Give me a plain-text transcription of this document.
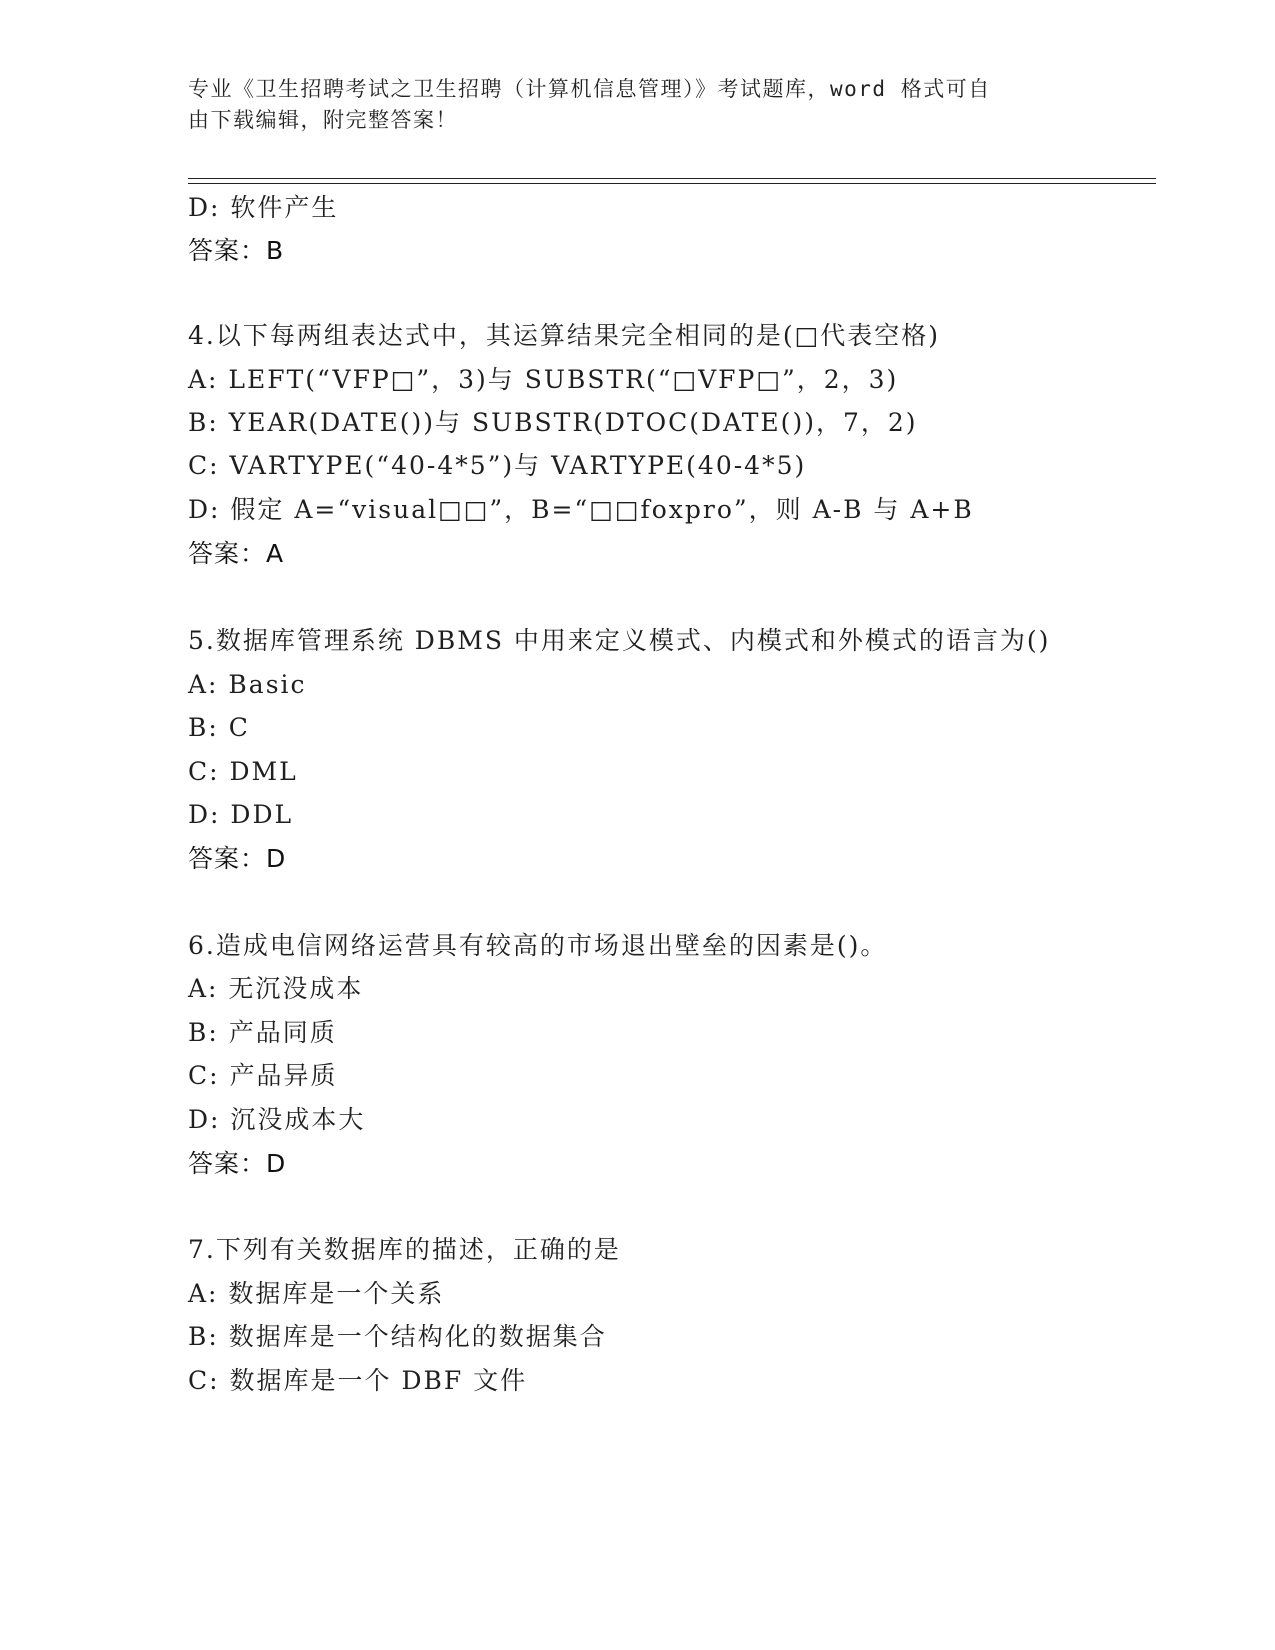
专业《卫生招聘考试之卫生招聘（计算机信息管理）》考试题库，word 格式可自
由下载编辑，附完整答案！
D: 软件产生
答案：B
4.以下每两组表达式中，其运算结果完全相同的是(□代表空格)
A: LEFT(“VFP□”，3)与 SUBSTR(“□VFP□”，2，3)
B: YEAR(DATE())与 SUBSTR(DTOC(DATE())，7，2)
C: VARTYPE(“40-4*5”)与 VARTYPE(40-4*5)
D: 假定 A=“visual□□”，B=“□□foxpro”，则 A-B 与 A+B
答案：A
5.数据库管理系统 DBMS 中用来定义模式、内模式和外模式的语言为()
A: Basic
B: C
C: DML
D: DDL
答案：D
6.造成电信网络运营具有较高的市场退出壁垒的因素是()。
A: 无沉没成本
B: 产品同质
C: 产品异质
D: 沉没成本大
答案：D
7.下列有关数据库的描述，正确的是
A: 数据库是一个关系
B: 数据库是一个结构化的数据集合
C: 数据库是一个 DBF 文件
